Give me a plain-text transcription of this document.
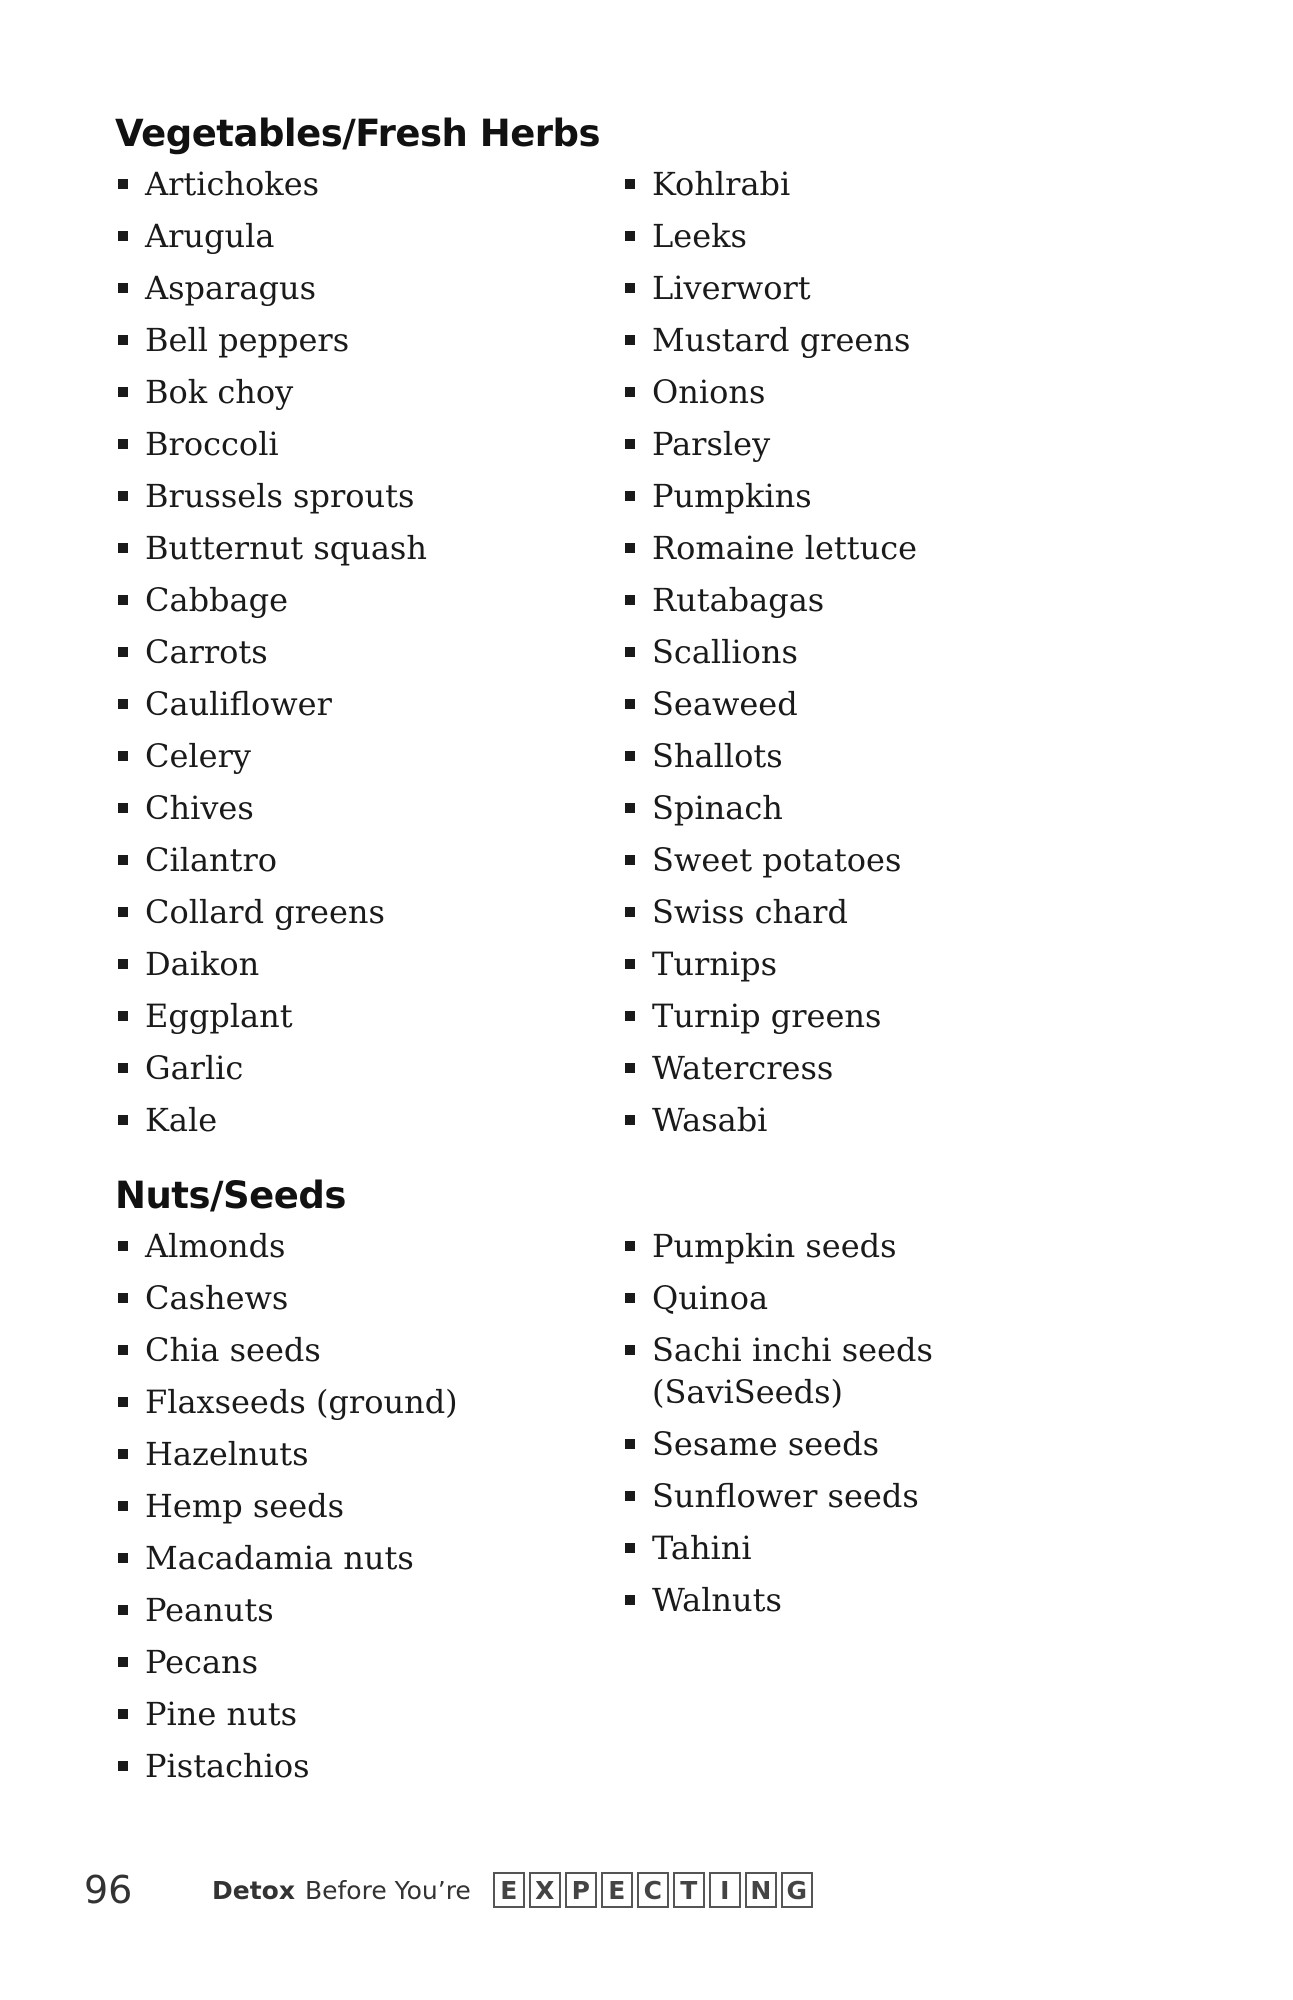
Vegetables/Fresh Herbs
Artichokes
Arugula
Asparagus
Bell peppers
Bok choy
Broccoli
Brussels sprouts
Butternut squash
Cabbage
Carrots
Cauliflower
Celery
Chives
Cilantro
Collard greens
Daikon
Eggplant
Garlic
Kale
Kohlrabi
Leeks
Liverwort
Mustard greens
Onions
Parsley
Pumpkins
Romaine lettuce
Rutabagas
Scallions
Seaweed
Shallots
Spinach
Sweet potatoes
Swiss chard
Turnips
Turnip greens
Watercress
Wasabi
Nuts/Seeds
Almonds
Cashews
Chia seeds
Flaxseeds (ground)
Hazelnuts
Hemp seeds
Macadamia nuts
Peanuts
Pecans
Pine nuts
Pistachios
Pumpkin seeds
Quinoa
Sachi inchi seeds (SaviSeeds)
Sesame seeds
Sunflower seeds
Tahini
Walnuts
96	Detox Before You’re E X P E C T I N G
